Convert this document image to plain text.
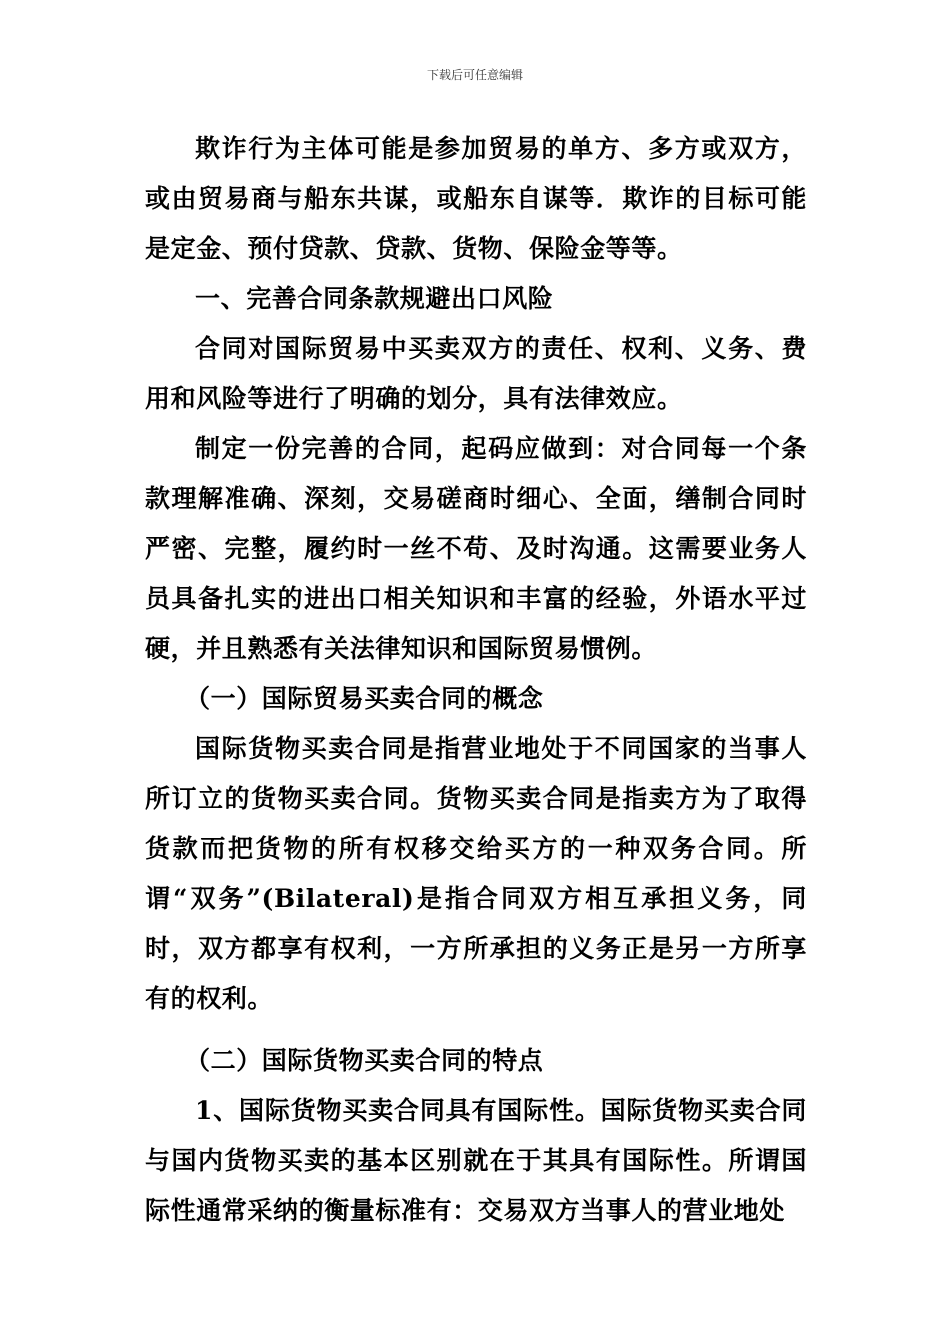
下载后可任意编辑

欺诈行为主体可能是参加贸易的单方、多方或双方，或由贸易商与船东共谋，或船东自谋等．欺诈的目标可能是定金、预付贷款、贷款、货物、保险金等等。

一、完善合同条款规避出口风险

合同对国际贸易中买卖双方的责任、权利、义务、费用和风险等进行了明确的划分，具有法律效应。

制定一份完善的合同，起码应做到：对合同每一个条款理解准确、深刻，交易磋商时细心、全面，缮制合同时严密、完整，履约时一丝不苟、及时沟通。这需要业务人员具备扎实的进出口相关知识和丰富的经验，外语水平过硬，并且熟悉有关法律知识和国际贸易惯例。

（一）国际贸易买卖合同的概念

国际货物买卖合同是指营业地处于不同国家的当事人所订立的货物买卖合同。货物买卖合同是指卖方为了取得货款而把货物的所有权移交给买方的一种双务合同。所谓“双务”(Bilateral)是指合同双方相互承担义务，同时，双方都享有权利，一方所承担的义务正是另一方所享有的权利。

（二）国际货物买卖合同的特点

1、国际货物买卖合同具有国际性。国际货物买卖合同与国内货物买卖的基本区别就在于其具有国际性。所谓国际性通常采纳的衡量标准有：交易双方当事人的营业地处
